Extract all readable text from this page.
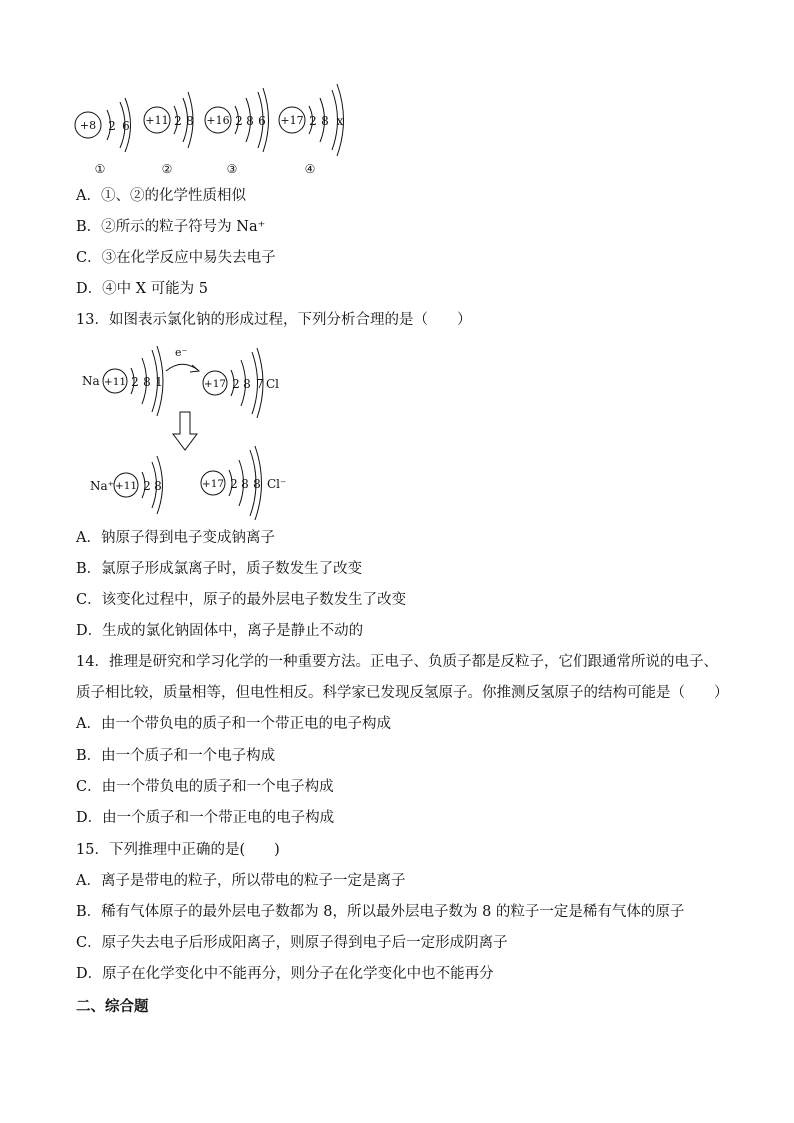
+8 2 6
①
+11 2 8
②
+16 2 8 6
③
+17 2 8 x
④
A．①、②的化学性质相似
B．②所示的粒子符号为 Na⁺
C．③在化学反应中易失去电子
D．④中 X 可能为 5
13．如图表示氯化钠的形成过程，下列分析合理的是（　　）
Na +11 2 8 1
e⁻
+17 2 8 7 Cl
Na⁺ +11 2 8	+17 2 8 8 Cl⁻
A．钠原子得到电子变成钠离子
B．氯原子形成氯离子时，质子数发生了改变
C．该变化过程中，原子的最外层电子数发生了改变
D．生成的氯化钠固体中，离子是静止不动的
14．推理是研究和学习化学的一种重要方法。正电子、负质子都是反粒子，它们跟通常所说的电子、
质子相比较，质量相等，但电性相反。科学家已发现反氢原子。你推测反氢原子的结构可能是（　　）
A．由一个带负电的质子和一个带正电的电子构成
B．由一个质子和一个电子构成
C．由一个带负电的质子和一个电子构成
D．由一个质子和一个带正电的电子构成
15．下列推理中正确的是(　　)
A．离子是带电的粒子，所以带电的粒子一定是离子
B．稀有气体原子的最外层电子数都为 8，所以最外层电子数为 8 的粒子一定是稀有气体的原子
C．原子失去电子后形成阳离子，则原子得到电子后一定形成阴离子
D．原子在化学变化中不能再分，则分子在化学变化中也不能再分
二、综合题
